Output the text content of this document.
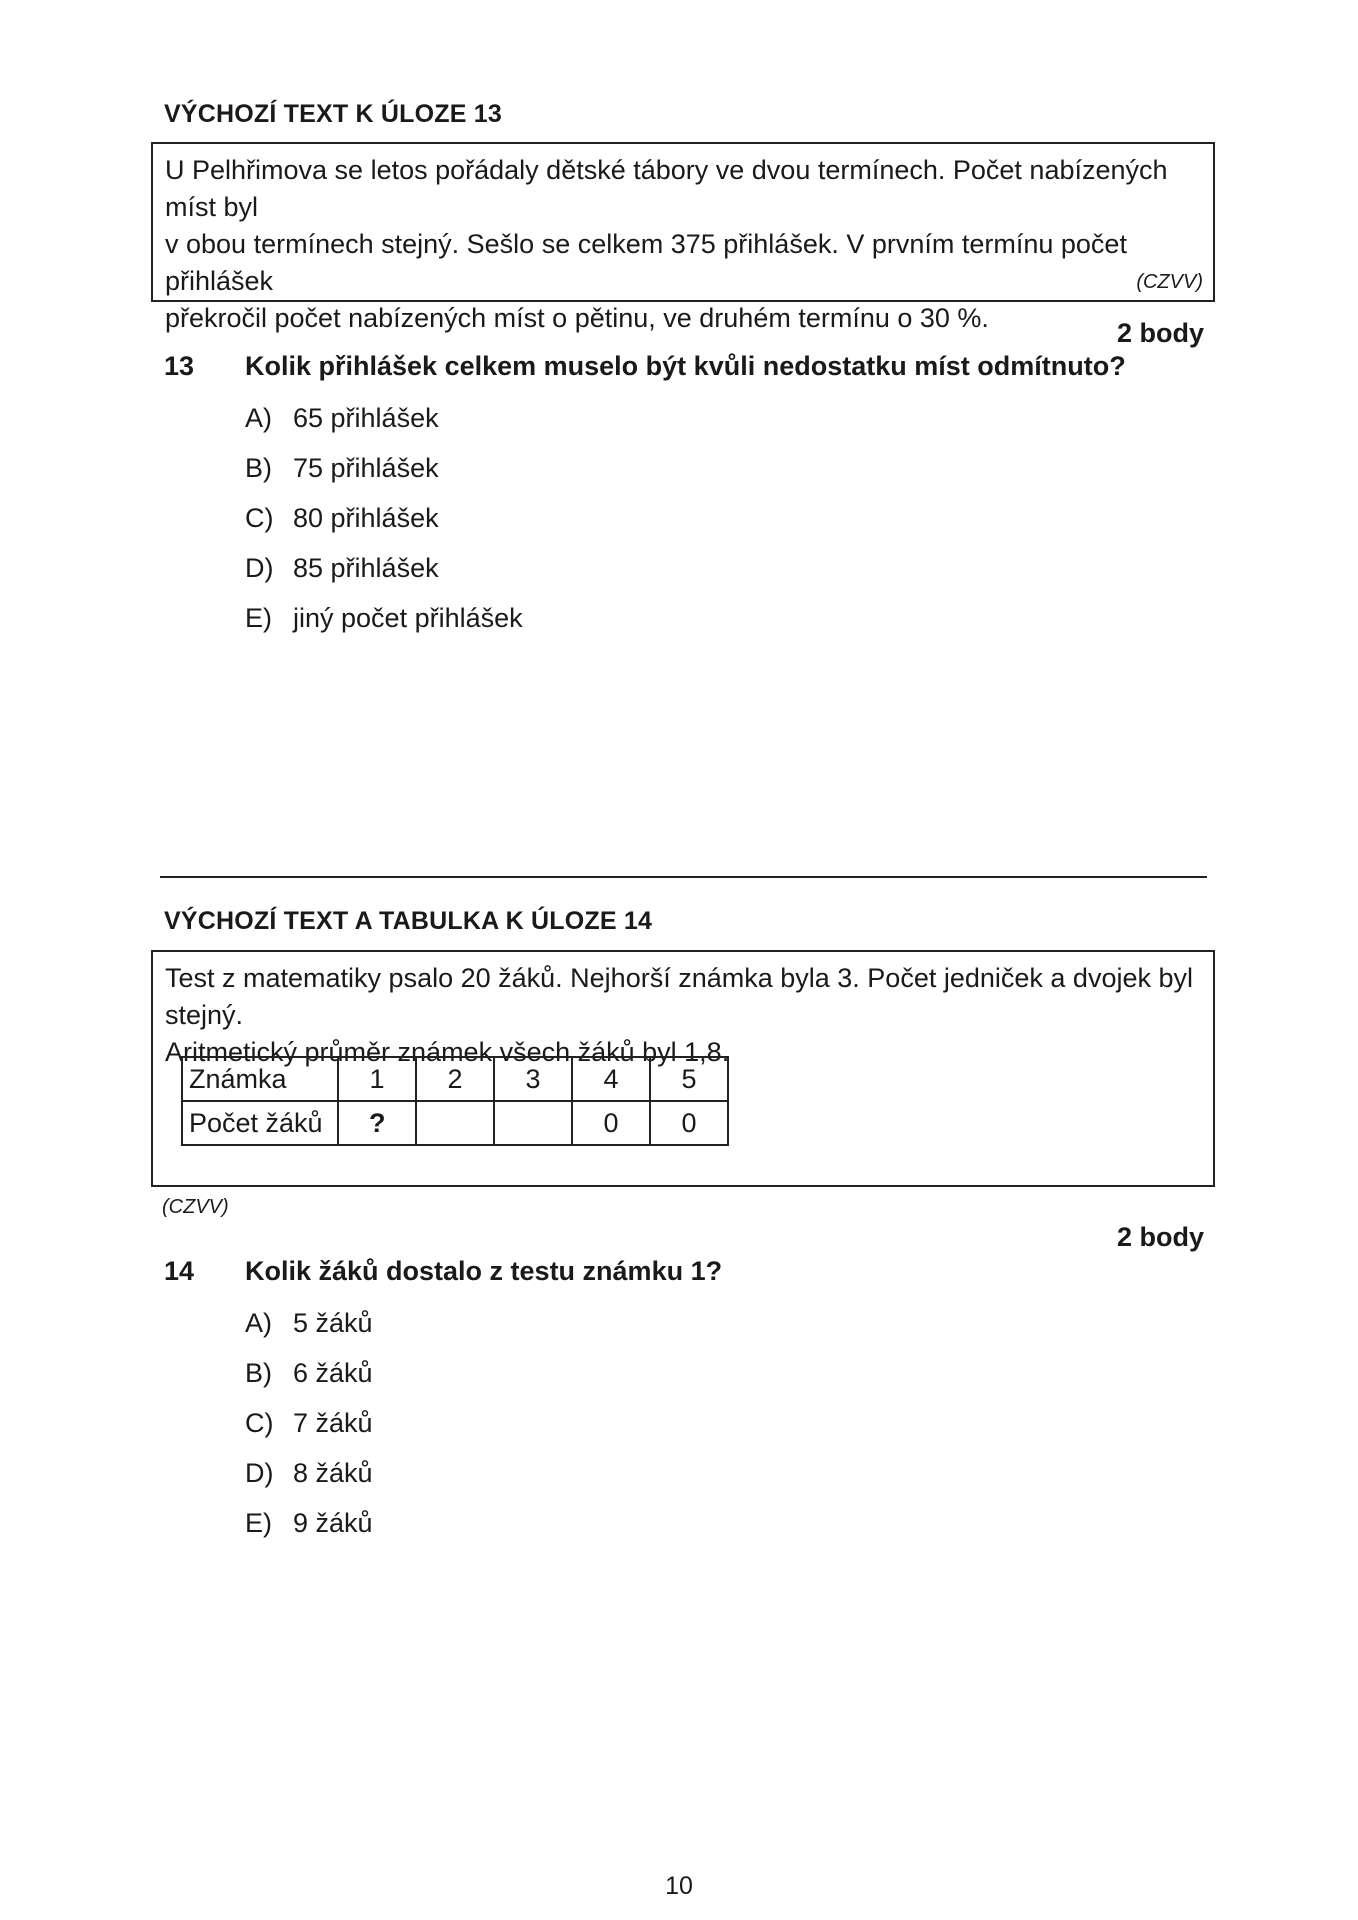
VÝCHOZÍ TEXT K ÚLOZE 13
U Pelhřimova se letos pořádaly dětské tábory ve dvou termínech. Počet nabízených míst byl
v obou termínech stejný. Sešlo se celkem 375 přihlášek. V prvním termínu počet přihlášek
překročil počet nabízených míst o pětinu, ve druhém termínu o 30 %.
(CZVV)
2 body
13 Kolik přihlášek celkem muselo být kvůli nedostatku míst odmítnuto?
A) 65 přihlášek
B) 75 přihlášek
C) 80 přihlášek
D) 85 přihlášek
E) jiný počet přihlášek
VÝCHOZÍ TEXT A TABULKA K ÚLOZE 14
Test z matematiky psalo 20 žáků. Nejhorší známka byla 3. Počet jedniček a dvojek byl stejný.
Aritmetický průměr známek všech žáků byl 1,8.
Známka	1	2	3	4	5
Počet žáků	?			0	0
(CZVV)
2 body
14 Kolik žáků dostalo z testu známku 1?
A) 5 žáků
B) 6 žáků
C) 7 žáků
D) 8 žáků
E) 9 žáků
10
